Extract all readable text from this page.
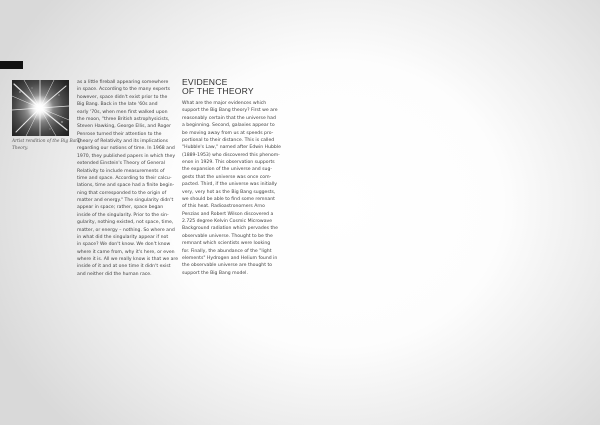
Artist rendition of the Big Bang
Theory.
as a little fireball appearing somewhere
in space. According to the many experts
however, space didn't exist prior to the
Big Bang. Back in the late '60s and
early '70s, when men first walked upon
the moon, "three British astrophysicists,
Steven Hawking, George Ellis, and Roger
Penrose turned their attention to the
Theory of Relativity and its implications
regarding our notions of time. In 1968 and
1970, they published papers in which they
extended Einstein's Theory of General
Relativity to include measurements of
time and space. According to their calcu-
lations, time and space had a finite begin-
ning that corresponded to the origin of
matter and energy." The singularity didn't
appear in space; rather, space began
inside of the singularity. Prior to the sin-
gularity, nothing existed, not space, time,
matter, or energy – nothing. So where and
in what did the singularity appear if not
in space? We don't know. We don't know
where it came from, why it's here, or even
where it is. All we really know is that we are
inside of it and at one time it didn't exist
and neither did the human race.
EVIDENCE
OF THE THEORY
What are the major evidences which
support the Big Bang theory? First we are
reasonably certain that the universe had
a beginning. Second, galaxies appear to
be moving away from us at speeds pro-
portional to their distance. This is called
"Hubble's Law," named after Edwin Hubble
(1889-1953) who discovered this phenom-
enon in 1929. This observation supports
the expansion of the universe and sug-
gests that the universe was once com-
pacted. Third, if the universe was initially
very, very hot as the Big Bang suggests,
we should be able to find some remnant
of this heat. Radioastronomers Arno
Penzias and Robert Wilson discovered a
2.725 degree Kelvin Cosmic Microwave
Background radiation which pervades the
observable universe. Thought to be the
remnant which scientists were looking
for. Finally, the abundance of the "light
elements" Hydrogen and Helium found in
the observable universe are thought to
support the Big Bang model.
